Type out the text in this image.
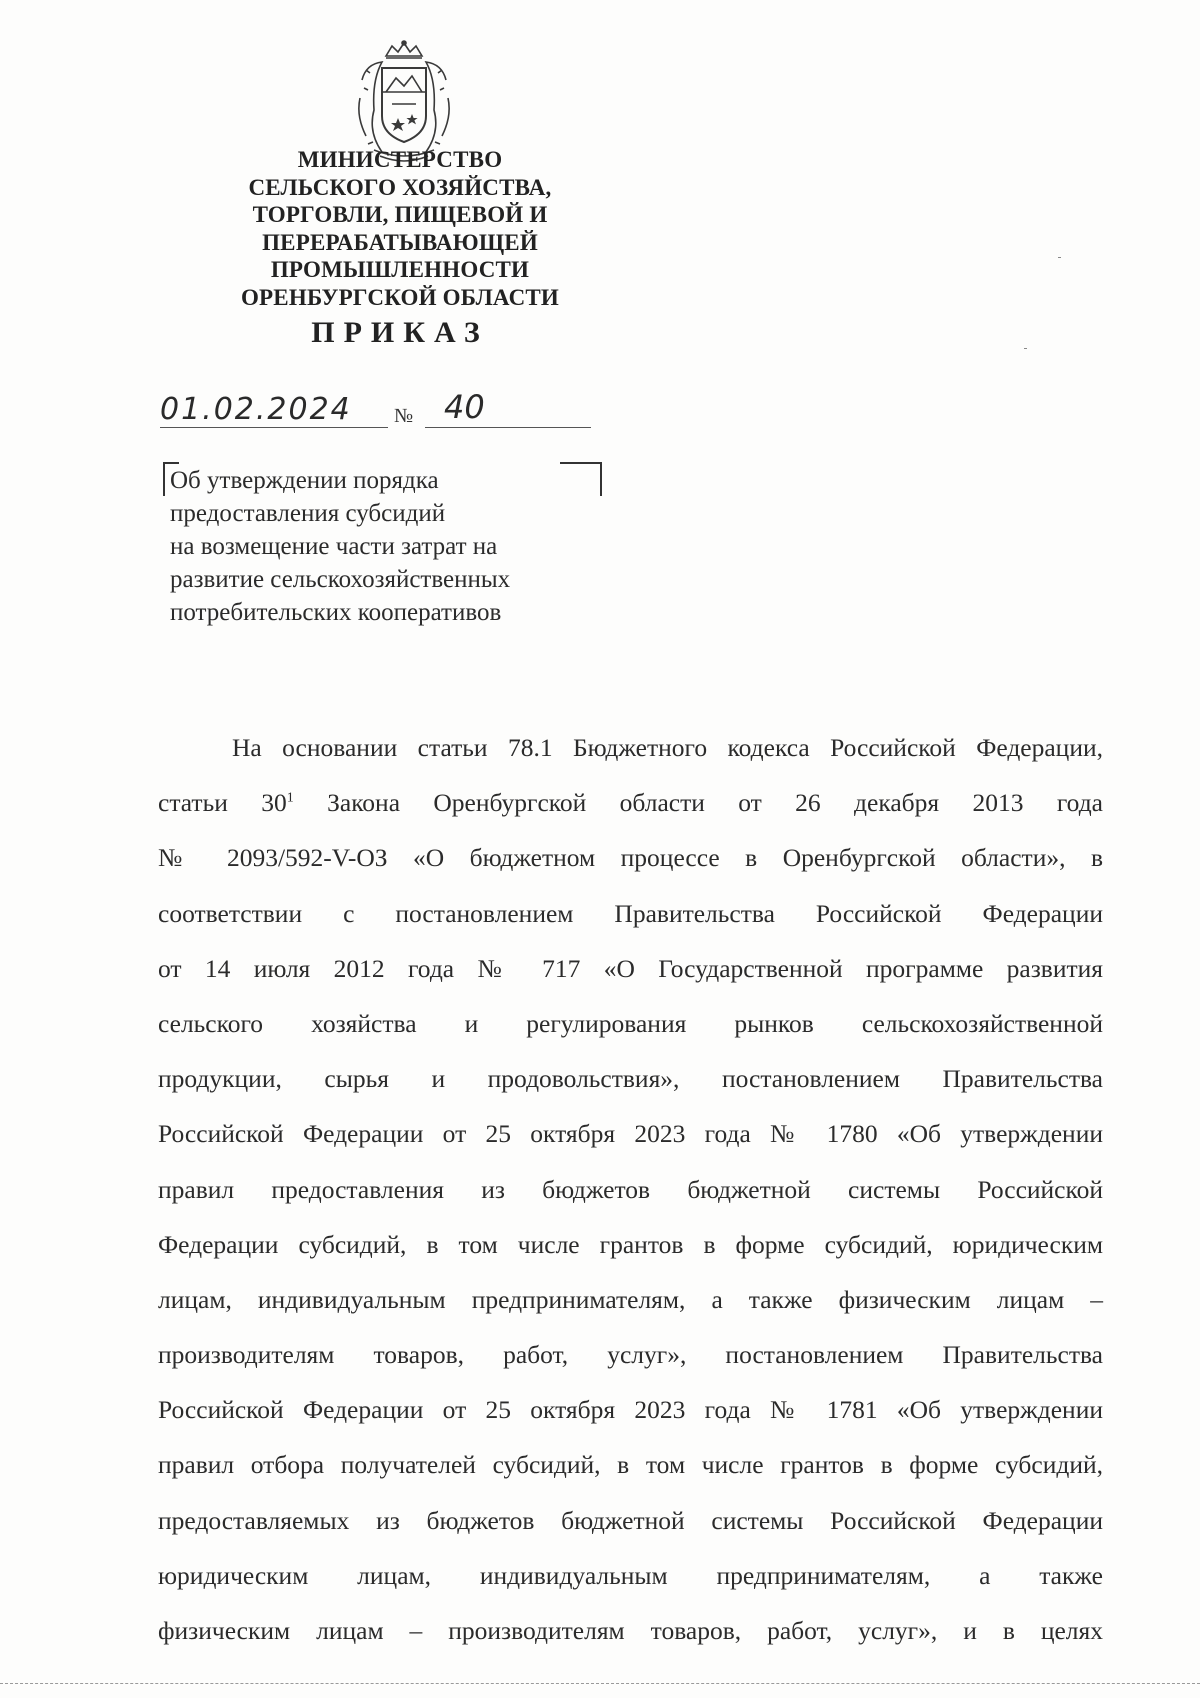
МИНИСТЕРСТВО
СЕЛЬСКОГО ХОЗЯЙСТВА,
ТОРГОВЛИ, ПИЩЕВОЙ И
ПЕРЕРАБАТЫВАЮЩЕЙ
ПРОМЫШЛЕННОСТИ
ОРЕНБУРГСКОЙ ОБЛАСТИ
ПРИКАЗ
01.02.2024 № 40
Об утверждении порядка
предоставления субсидий
на возмещение части затрат на
развитие сельскохозяйственных
потребительских кооперативов
На основании статьи 78.1 Бюджетного кодекса Российской Федерации,
статьи $30^1$ Закона Оренбургской области от 26 декабря 2013 года
№ 2093/592-V-ОЗ «О бюджетном процессе в Оренбургской области», в
соответствии с постановлением Правительства Российской Федерации
от 14 июля 2012 года № 717 «О Государственной программе развития
сельского хозяйства и регулирования рынков сельскохозяйственной
продукции, сырья и продовольствия», постановлением Правительства
Российской Федерации от 25 октября 2023 года № 1780 «Об утверждении
правил предоставления из бюджетов бюджетной системы Российской
Федерации субсидий, в том числе грантов в форме субсидий, юридическим
лицам, индивидуальным предпринимателям, а также физическим лицам –
производителям товаров, работ, услуг», постановлением Правительства
Российской Федерации от 25 октября 2023 года № 1781 «Об утверждении
правил отбора получателей субсидий, в том числе грантов в форме субсидий,
предоставляемых из бюджетов бюджетной системы Российской Федерации
юридическим лицам, индивидуальным предпринимателям, а также
физическим лицам – производителям товаров, работ, услуг», и в целях
